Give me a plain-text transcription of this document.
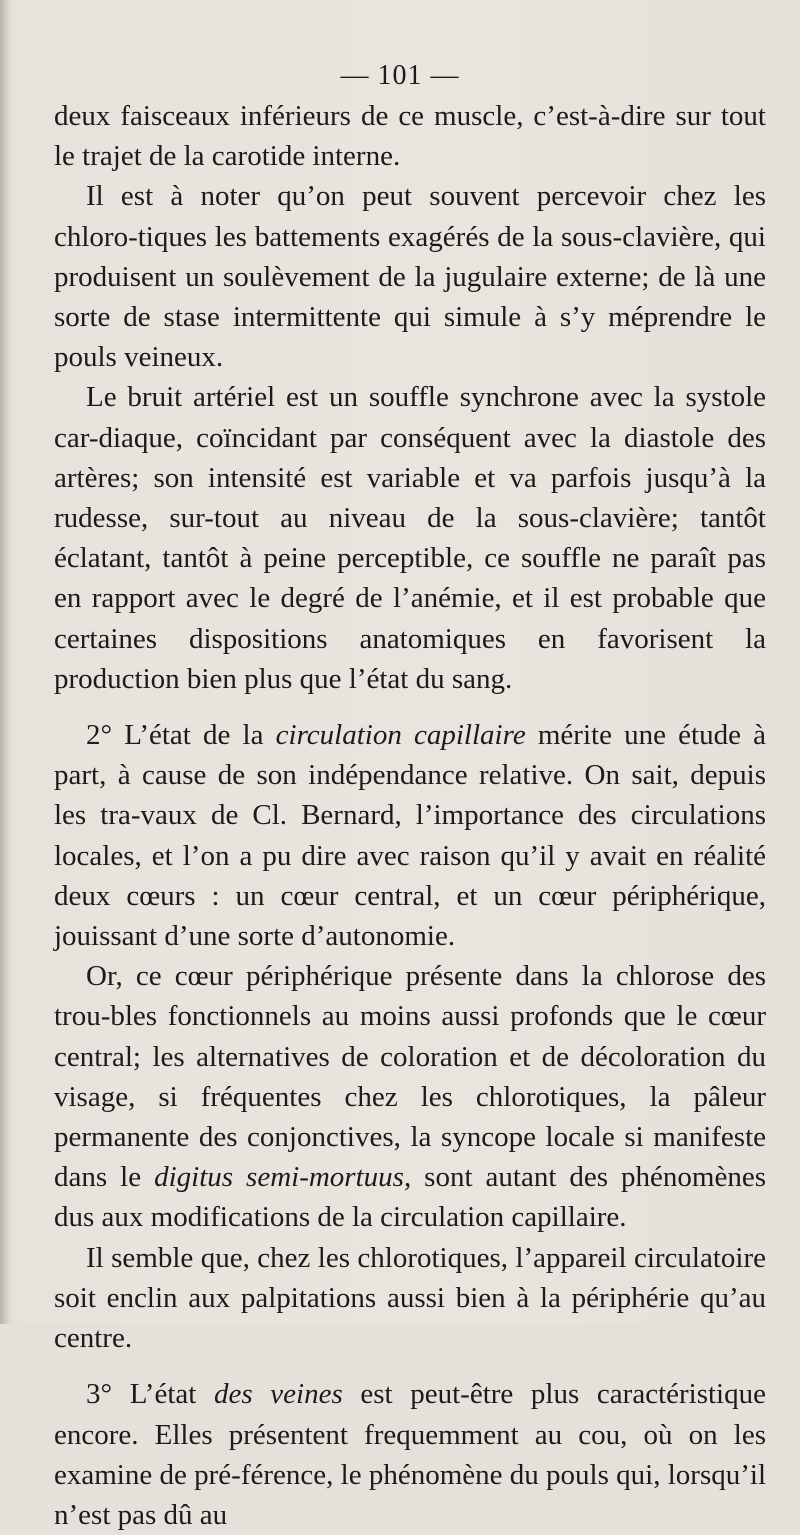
— 101 —

deux faisceaux inférieurs de ce muscle, c’est-à-dire sur tout le trajet de la carotide interne.

Il est à noter qu’on peut souvent percevoir chez les chloro-tiques les battements exagérés de la sous-clavière, qui produisent un soulèvement de la jugulaire externe; de là une sorte de stase intermittente qui simule à s’y méprendre le pouls veineux.

Le bruit artériel est un souffle synchrone avec la systole car-diaque, coïncidant par conséquent avec la diastole des artères; son intensité est variable et va parfois jusqu’à la rudesse, sur-tout au niveau de la sous-clavière; tantôt éclatant, tantôt à peine perceptible, ce souffle ne paraît pas en rapport avec le degré de l’anémie, et il est probable que certaines dispositions anatomiques en favorisent la production bien plus que l’état du sang.

2° L’état de la circulation capillaire mérite une étude à part, à cause de son indépendance relative. On sait, depuis les tra-vaux de Cl. Bernard, l’importance des circulations locales, et l’on a pu dire avec raison qu’il y avait en réalité deux cœurs : un cœur central, et un cœur périphérique, jouissant d’une sorte d’autonomie.

Or, ce cœur périphérique présente dans la chlorose des trou-bles fonctionnels au moins aussi profonds que le cœur central; les alternatives de coloration et de décoloration du visage, si fréquentes chez les chlorotiques, la pâleur permanente des conjonctives, la syncope locale si manifeste dans le digitus semi-mortuus, sont autant des phénomènes dus aux modifications de la circulation capillaire.

Il semble que, chez les chlorotiques, l’appareil circulatoire soit enclin aux palpitations aussi bien à la périphérie qu’au centre.

3° L’état des veines est peut-être plus caractéristique encore. Elles présentent frequemment au cou, où on les examine de pré-férence, le phénomène du pouls qui, lorsqu’il n’est pas dû au
